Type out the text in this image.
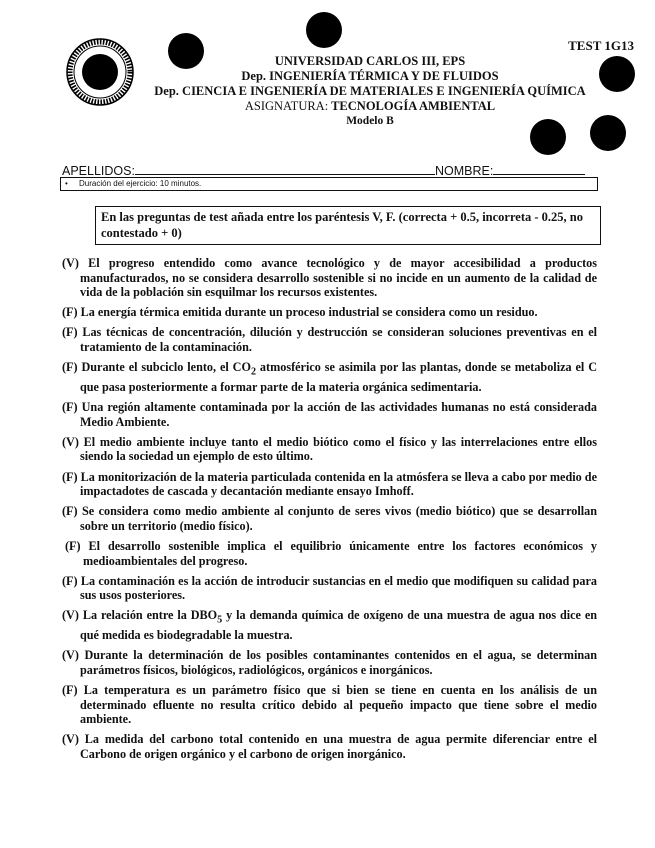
TEST 1G13
UNIVERSIDAD CARLOS III, EPS
Dep. INGENIERÍA TÉRMICA Y DE FLUIDOS
Dep. CIENCIA E INGENIERÍA DE MATERIALES E INGENIERÍA QUÍMICA
ASIGNATURA: TECNOLOGÍA AMBIENTAL
Modelo B
APELLIDOS:	NOMBRE:
• Duración del ejercicio: 10 minutos.
En las preguntas de test añada entre los paréntesis V, F. (correcta + 0.5, incorreta - 0.25, no contestado + 0)
(V) El progreso entendido como avance tecnológico y de mayor accesibilidad a productos manufacturados, no se considera desarrollo sostenible si no incide en un aumento de la calidad de vida de la población sin esquilmar los recursos existentes.
(F) La energía térmica emitida durante un proceso industrial se considera como un residuo.
(F) Las técnicas de concentración, dilución y destrucción se consideran soluciones preventivas en el tratamiento de la contaminación.
(F) Durante el subciclo lento, el $CO_2$ atmosférico se asimila por las plantas, donde se metaboliza el C que pasa posteriormente a formar parte de la materia orgánica sedimentaria.
(F) Una región altamente contaminada por la acción de las actividades humanas no está considerada Medio Ambiente.
(V) El medio ambiente incluye tanto el medio biótico como el físico y las interrelaciones entre ellos siendo la sociedad un ejemplo de esto último.
(F) La monitorización de la materia particulada contenida en la atmósfera se lleva a cabo por medio de impactadotes de cascada y decantación mediante ensayo Imhoff.
(F) Se considera como medio ambiente al conjunto de seres vivos (medio biótico) que se desarrollan sobre un territorio (medio físico).
(F) El desarrollo sostenible implica el equilibrio únicamente entre los factores económicos y medioambientales del progreso.
(F) La contaminación es la acción de introducir sustancias en el medio que modifiquen su calidad para sus usos posteriores.
(V) La relación entre la $DBO_5$ y la demanda química de oxígeno de una muestra de agua nos dice en qué medida es biodegradable la muestra.
(V) Durante la determinación de los posibles contaminantes contenidos en el agua, se determinan parámetros físicos, biológicos, radiológicos, orgánicos e inorgánicos.
(F) La temperatura es un parámetro físico que si bien se tiene en cuenta en los análisis de un determinado efluente no resulta crítico debido al pequeño impacto que tiene sobre el medio ambiente.
(V) La medida del carbono total contenido en una muestra de agua permite diferenciar entre el Carbono de origen orgánico y el carbono de origen inorgánico.
